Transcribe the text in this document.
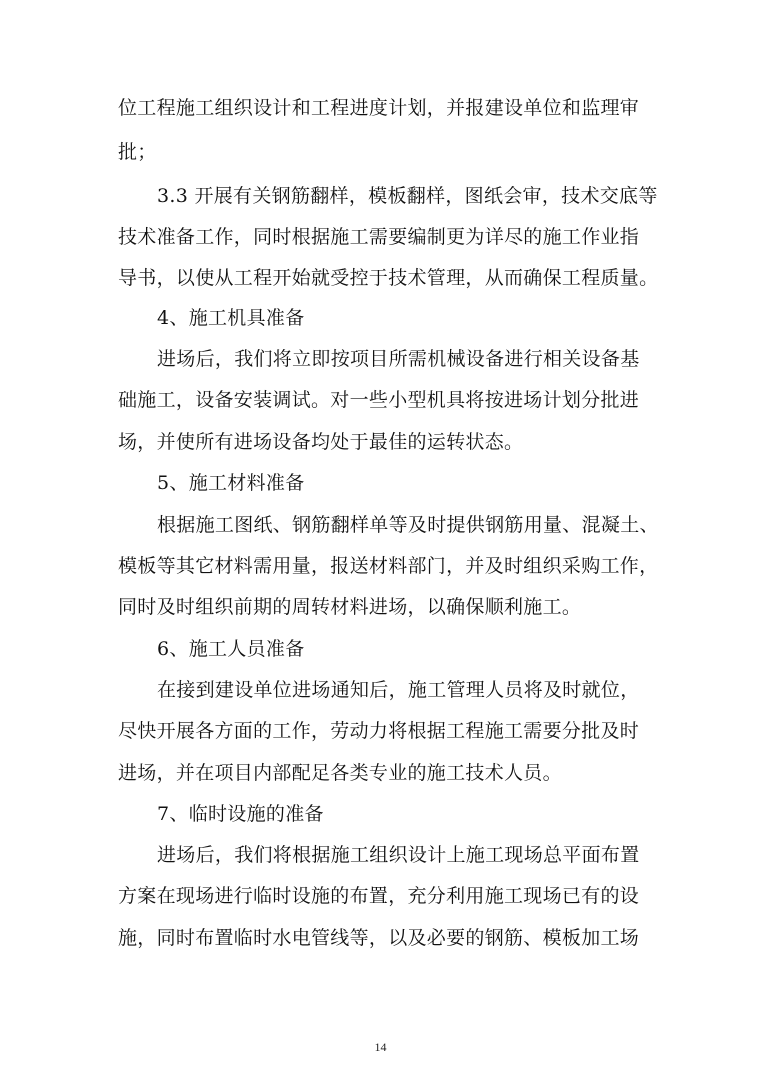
位工程施工组织设计和工程进度计划，并报建设单位和监理审
批；
3.3 开展有关钢筋翻样，模板翻样，图纸会审，技术交底等
技术准备工作，同时根据施工需要编制更为详尽的施工作业指
导书，以使从工程开始就受控于技术管理，从而确保工程质量。
4、施工机具准备
进场后，我们将立即按项目所需机械设备进行相关设备基
础施工，设备安装调试。对一些小型机具将按进场计划分批进
场，并使所有进场设备均处于最佳的运转状态。
5、施工材料准备
根据施工图纸、钢筋翻样单等及时提供钢筋用量、混凝土、
模板等其它材料需用量，报送材料部门，并及时组织采购工作，
同时及时组织前期的周转材料进场，以确保顺利施工。
6、施工人员准备
在接到建设单位进场通知后，施工管理人员将及时就位，
尽快开展各方面的工作，劳动力将根据工程施工需要分批及时
进场，并在项目内部配足各类专业的施工技术人员。
7、临时设施的准备
进场后，我们将根据施工组织设计上施工现场总平面布置
方案在现场进行临时设施的布置，充分利用施工现场已有的设
施，同时布置临时水电管线等，以及必要的钢筋、模板加工场
14
